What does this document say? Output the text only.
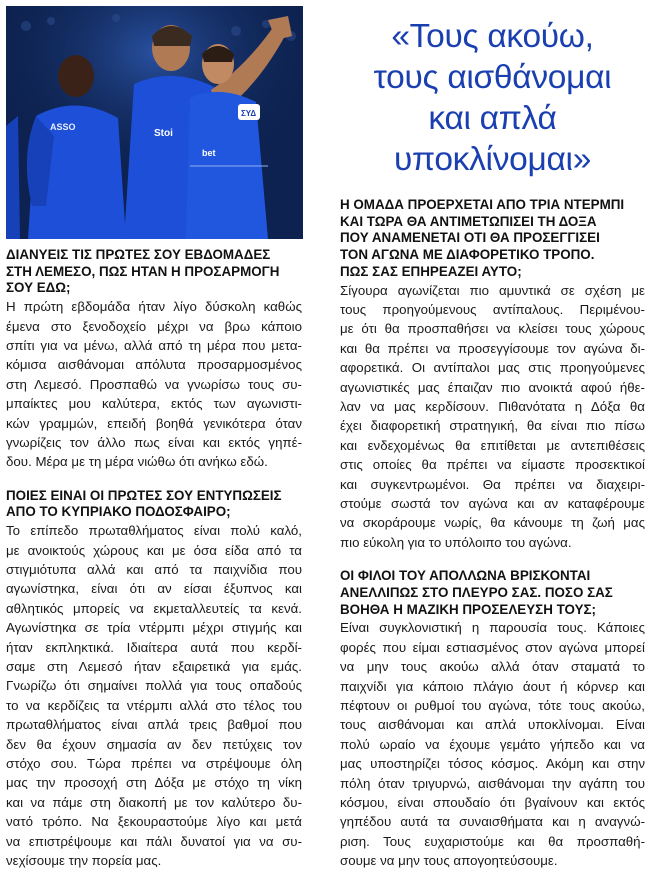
ASSO
Stoi
ΣΥΔ
bet
ΔΙΑΝΥΕΙΣ ΤΙΣ ΠΡΩΤΕΣ ΣΟΥ ΕΒΔΟΜΑΔΕΣ
ΣΤΗ ΛΕΜΕΣΟ, ΠΩΣ ΗΤΑΝ Η ΠΡΟΣΑΡΜΟΓΗ
ΣΟΥ ΕΔΩ;
Η πρώτη εβδομάδα ήταν λίγο δύσκολη καθώς
έμενα στο ξενοδοχείο μέχρι να βρω κάποιο
σπίτι για να μένω, αλλά από τη μέρα που μετα-
κόμισα αισθάνομαι απόλυτα προσαρμοσμένος
στη Λεμεσό. Προσπαθώ να γνωρίσω τους συ-
μπαίκτες μου καλύτερα, εκτός των αγωνιστι-
κών γραμμών, επειδή βοηθά γενικότερα όταν
γνωρίζεις τον άλλο πως είναι και εκτός γηπέ-
δου. Μέρα με τη μέρα νιώθω ότι ανήκω εδώ.
ΠΟΙΕΣ ΕΙΝΑΙ ΟΙ ΠΡΩΤΕΣ ΣΟΥ ΕΝΤΥΠΩΣΕΙΣ
ΑΠΟ ΤΟ ΚΥΠΡΙΑΚΟ ΠΟΔΟΣΦΑΙΡΟ;
Το επίπεδο πρωταθλήματος είναι πολύ καλό,
με ανοικτούς χώρους και με όσα είδα από τα
στιγμιότυπα αλλά και από τα παιχνίδια που
αγωνίστηκα, είναι ότι αν είσαι έξυπνος και
αθλητικός μπορείς να εκμεταλλευτείς τα κενά.
Αγωνίστηκα σε τρία ντέρμπι μέχρι στιγμής και
ήταν εκπληκτικά. Ιδιαίτερα αυτά που κερδί-
σαμε στη Λεμεσό ήταν εξαιρετικά για εμάς.
Γνωρίζω ότι σημαίνει πολλά για τους οπαδούς
το να κερδίζεις τα ντέρμπι αλλά στο τέλος του
πρωταθλήματος είναι απλά τρεις βαθμοί που
δεν θα έχουν σημασία αν δεν πετύχεις τον
στόχο σου. Τώρα πρέπει να στρέψουμε όλη
μας την προσοχή στη Δόξα με στόχο τη νίκη
και να πάμε στη διακοπή με τον καλύτερο δυ-
νατό τρόπο. Να ξεκουραστούμε λίγο και μετά
να επιστρέψουμε και πάλι δυνατοί για να συ-
νεχίσουμε την πορεία μας.
«Τους ακούω,
τους αισθάνομαι
και απλά
υποκλίνομαι»
Η ΟΜΑΔΑ ΠΡΟΕΡΧΕΤΑΙ ΑΠΟ ΤΡΙΑ ΝΤΕΡΜΠΙ
ΚΑΙ ΤΩΡΑ ΘΑ ΑΝΤΙΜΕΤΩΠΙΣΕΙ ΤΗ ΔΟΞΑ
ΠΟΥ ΑΝΑΜΕΝΕΤΑΙ ΟΤΙ ΘΑ ΠΡΟΣΕΓΓΙΣΕΙ
ΤΟΝ ΑΓΩΝΑ ΜΕ ΔΙΑΦΟΡΕΤΙΚΟ ΤΡΟΠΟ.
ΠΩΣ ΣΑΣ ΕΠΗΡΕΑΖΕΙ ΑΥΤΟ;
Σίγουρα αγωνίζεται πιο αμυντικά σε σχέση με
τους προηγούμενους αντίπαλους. Περιμένου-
με ότι θα προσπαθήσει να κλείσει τους χώρους
και θα πρέπει να προσεγγίσουμε τον αγώνα δι-
αφορετικά. Οι αντίπαλοι μας στις προηγούμενες
αγωνιστικές μας έπαιζαν πιο ανοικτά αφού ήθε-
λαν να μας κερδίσουν. Πιθανότατα η Δόξα θα
έχει διαφορετική στρατηγική, θα είναι πιο πίσω
και ενδεχομένως θα επιτίθεται με αντεπιθέσεις
στις οποίες θα πρέπει να είμαστε προσεκτικοί
και συγκεντρωμένοι. Θα πρέπει να διαχειρι-
στούμε σωστά τον αγώνα και αν καταφέρουμε
να σκοράρουμε νωρίς, θα κάνουμε τη ζωή μας
πιο εύκολη για το υπόλοιπο του αγώνα.
ΟΙ ΦΙΛΟΙ ΤΟΥ ΑΠΟΛΛΩΝΑ ΒΡΙΣΚΟΝΤΑΙ
ΑΝΕΛΛΙΠΩΣ ΣΤΟ ΠΛΕΥΡΟ ΣΑΣ. ΠΟΣΟ ΣΑΣ
ΒΟΗΘΑ Η ΜΑΖΙΚΗ ΠΡΟΣΕΛΕΥΣΗ ΤΟΥΣ;
Είναι συγκλονιστική η παρουσία τους. Κάποιες
φορές που είμαι εστιασμένος στον αγώνα μπορεί
να μην τους ακούω αλλά όταν σταματά το
παιχνίδι για κάποιο πλάγιο άουτ ή κόρνερ και
πέφτουν οι ρυθμοί του αγώνα, τότε τους ακούω,
τους αισθάνομαι και απλά υποκλίνομαι. Είναι
πολύ ωραίο να έχουμε γεμάτο γήπεδο και να
μας υποστηρίζει τόσος κόσμος. Ακόμη και στην
πόλη όταν τριγυρνώ, αισθάνομαι την αγάπη του
κόσμου, είναι σπουδαίο ότι βγαίνουν και εκτός
γηπέδου αυτά τα συναισθήματα και η αναγνώ-
ριση. Τους ευχαριστούμε και θα προσπαθή-
σουμε να μην τους απογοητεύσουμε.
